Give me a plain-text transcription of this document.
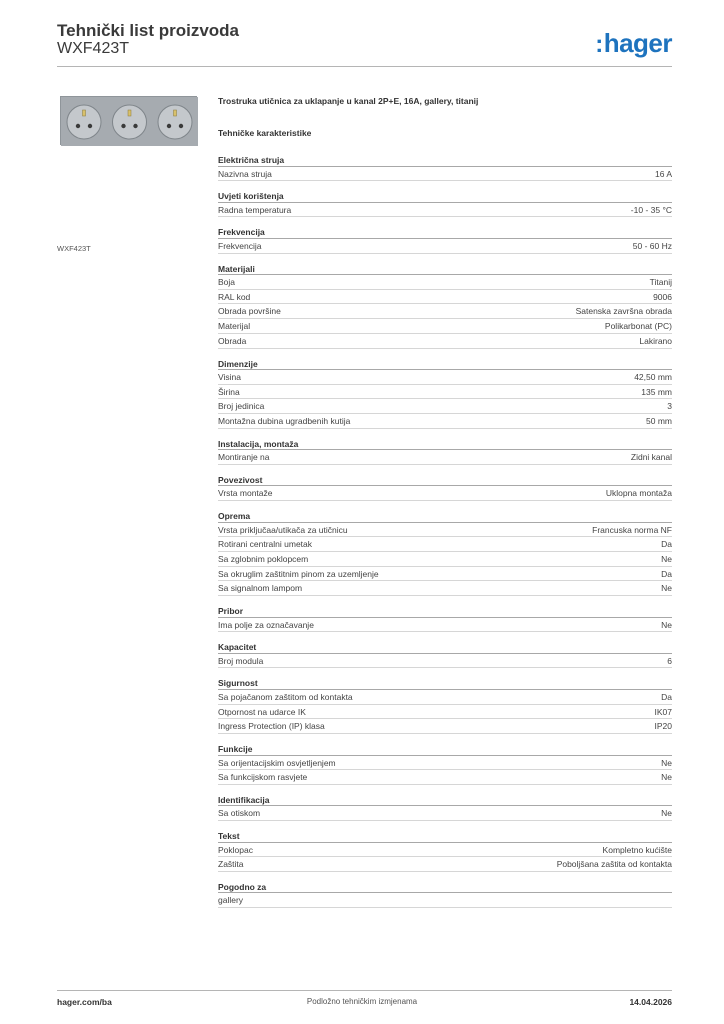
Tehnički list proizvoda
WXF423T	:hager
WXF423T
Trostruka utičnica za uklapanje u kanal 2P+E, 16A, gallery, titanij
Tehničke karakteristike
Električna struja
Nazivna struja	16 A
Uvjeti korištenja
Radna temperatura	-10 - 35 °C
Frekvencija
Frekvencija	50 - 60 Hz
Materijali
Boja	Titanij
RAL kod	9006
Obrada površine	Satenska završna obrada
Materijal	Polikarbonat (PC)
Obrada	Lakirano
Dimenzije
Visina	42,50 mm
Širina	135 mm
Broj jedinica	3
Montažna dubina ugradbenih kutija	50 mm
Instalacija, montaža
Montiranje na	Zidni kanal
Povezivost
Vrsta montaže	Uklopna montaža
Oprema
Vrsta priključaa/utikača za utičnicu	Francuska norma NF
Rotirani centralni umetak	Da
Sa zglobnim poklopcem	Ne
Sa okruglim zaštitnim pinom za uzemljenje	Da
Sa signalnom lampom	Ne
Pribor
Ima polje za označavanje	Ne
Kapacitet
Broj modula	6
Sigurnost
Sa pojačanom zaštitom od kontakta	Da
Otpornost na udarce IK	IK07
Ingress Protection (IP) klasa	IP20
Funkcije
Sa orijentacijskim osvjetljenjem	Ne
Sa funkcijskom rasvjete	Ne
Identifikacija
Sa otiskom	Ne
Tekst
Poklopac	Kompletno kućište
Zaštita	Poboljšana zaštita od kontakta
Pogodno za
gallery
hager.com/ba	Podložno tehničkim izmjenama	14.04.2026
